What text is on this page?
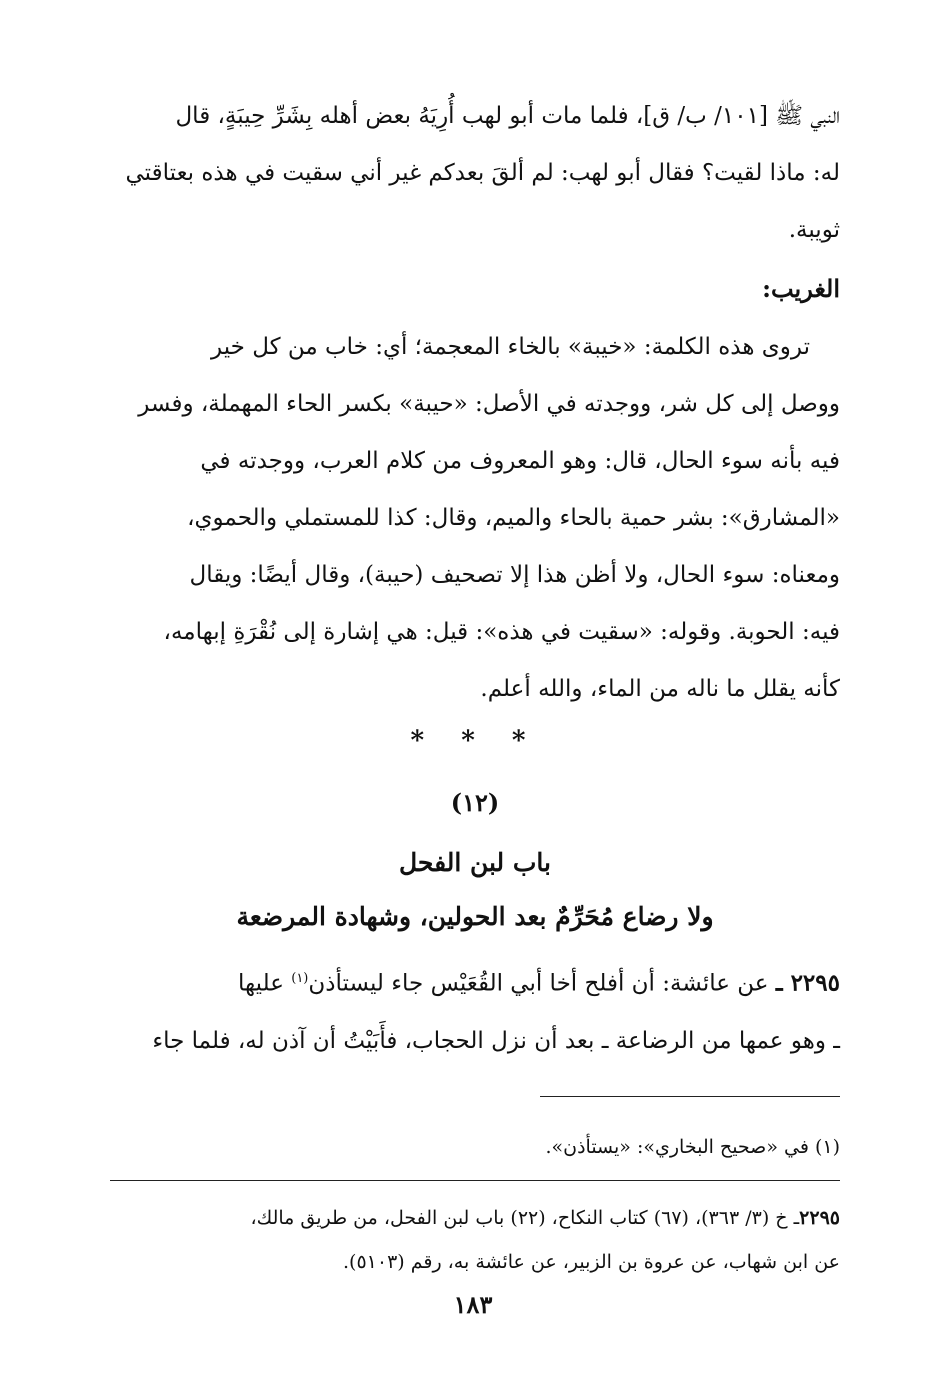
النبي ﷺ [١٠١/ ب/ ق]، فلما مات أبو لهب أُرِيَهُ بعض أهله بِشَرِّ حِيبَةٍ، قال

له: ماذا لقيت؟ فقال أبو لهب: لم ألقَ بعدكم غير أني سقيت في هذه بعتاقتي

ثويبة.

الغريب:

تروى هذه الكلمة: «خيبة» بالخاء المعجمة؛ أي: خاب من كل خير

ووصل إلى كل شر، ووجدته في الأصل: «حيبة» بكسر الحاء المهملة، وفسر

فيه بأنه سوء الحال، قال: وهو المعروف من كلام العرب، ووجدته في

«المشارق»: بشر حمية بالحاء والميم، وقال: كذا للمستملي والحموي،

ومعناه: سوء الحال، ولا أظن هذا إلا تصحيف (حيبة)، وقال أيضًا: ويقال

فيه: الحوبة. وقوله: «سقيت في هذه»: قيل: هي إشارة إلى نُقْرَةِ إبهامه،

كأنه يقلل ما ناله من الماء، والله أعلم.

* * *
(١٢)

باب لبن الفحل

ولا رضاع مُحَرِّمٌ بعد الحولين، وشهادة المرضعة

٢٢٩٥ ـ عن عائشة: أن أفلح أخا أبي القُعَيْس جاء ليستأذن$^{(١)}$ عليها

ـ وهو عمها من الرضاعة ـ بعد أن نزل الحجاب، فأَبَيْتُ أن آذن له، فلما جاء

(١) في «صحيح البخاري»: «يستأذن».

٢٢٩٥ـ خ (٣/ ٣٦٣)، (٦٧) كتاب النكاح، (٢٢) باب لبن الفحل، من طريق مالك،

عن ابن شهاب، عن عروة بن الزبير، عن عائشة به، رقم (٥١٠٣).

١٨٣
